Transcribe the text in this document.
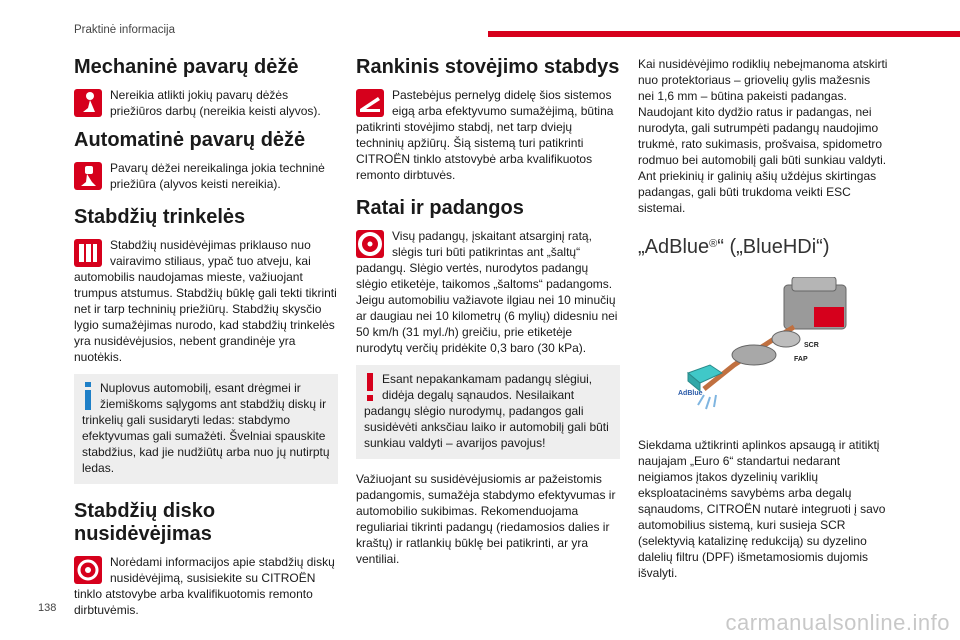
Praktinė informacija
Mechaninė pavarų dėžė

Nereikia atlikti jokių pavarų dėžės priežiūros darbų (nereikia keisti alyvos).

Automatinė pavarų dėžė

Pavarų dėžei nereikalinga jokia techninė priežiūra (alyvos keisti nereikia).

Stabdžių trinkelės

Stabdžių nusidėvėjimas priklauso nuo vairavimo stiliaus, ypač tuo atveju, kai automobilis naudojamas mieste, važiuojant trumpus atstumus. Stabdžių būklę gali tekti tikrinti net ir tarp techninių priežiūrų. Stabdžių skysčio lygio sumažėjimas nurodo, kad stabdžių trinkelės yra nusidėvėjusios, nebent grandinėje yra nuotėkis.

Nuplovus automobilį, esant drėgmei ir žiemiškoms sąlygoms ant stabdžių diskų ir trinkelių gali susidaryti ledas: stabdymo efektyvumas gali sumažėti. Švelniai spauskite stabdžius, kad jie nudžiūtų arba nuo jų nutirptų ledas.

Stabdžių disko nusidėvėjimas

Norėdami informacijos apie stabdžių diskų nusidėvėjimą, susisiekite su CITROËN tinklo atstovybe arba kvalifikuotomis remonto dirbtuvėmis.

Rankinis stovėjimo stabdys

Pastebėjus pernelyg didelę šios sistemos eigą arba efektyvumo sumažėjimą, būtina patikrinti stovėjimo stabdį, net tarp dviejų techninių apžiūrų. Šią sistemą turi patikrinti CITROËN tinklo atstovybė arba kvalifikuotos remonto dirbtuvės.

Ratai ir padangos

Visų padangų, įskaitant atsarginį ratą, slėgis turi būti patikrintas ant „šaltų“ padangų. Slėgio vertės, nurodytos padangų slėgio etiketėje, taikomos „šaltoms“ padangoms. Jeigu automobiliu važiavote ilgiau nei 10 minučių ar daugiau nei 10 kilometrų (6 mylių) didesniu nei 50 km/h (31 myl./h) greičiu, prie etiketėje nurodytų verčių pridėkite 0,3 baro (30 kPa).

Esant nepakankamam padangų slėgiui, didėja degalų sąnaudos. Nesilaikant padangų slėgio nurodymų, padangos gali susidėvėti anksčiau laiko ir automobilį gali būti sunkiau valdyti – avarijos pavojus!

Važiuojant su susidėvėjusiomis ar pažeistomis padangomis, sumažėja stabdymo efektyvumas ir automobilio sukibimas. Rekomenduojama reguliariai tikrinti padangų (riedamosios dalies ir kraštų) ir ratlankių būklę bei patikrinti, ar yra ventiliai.

Kai nusidėvėjimo rodiklių nebeįmanoma atskirti nuo protektoriaus – griovelių gylis mažesnis nei 1,6 mm – būtina pakeisti padangas. Naudojant kito dydžio ratus ir padangas, nei nurodyta, gali sutrumpėti padangų naudojimo trukmė, rato sukimasis, prošvaisa, spidometro rodmuo bei automobilį gali būti sunkiau valdyti. Ant priekinių ir galinių ašių uždėjus skirtingas padangas, gali būti trukdoma veikti ESC sistemai.

„AdBlue®“ („BlueHDi“)
SCR
FAP
AdBlue

Siekdama užtikrinti aplinkos apsaugą ir atitiktį naujajam „Euro 6“ standartui nedarant neigiamos įtakos dyzelinių variklių eksploatacinėms savybėms arba degalų sąnaudoms, CITROËN nutarė integruoti į savo automobilius sistemą, kuri susieja SCR (selektyvią katalizinę redukciją) su dyzelino dalelių filtru (DPF) išmetamosiomis dujomis išvalyti.

138
carmanualsonline.info
